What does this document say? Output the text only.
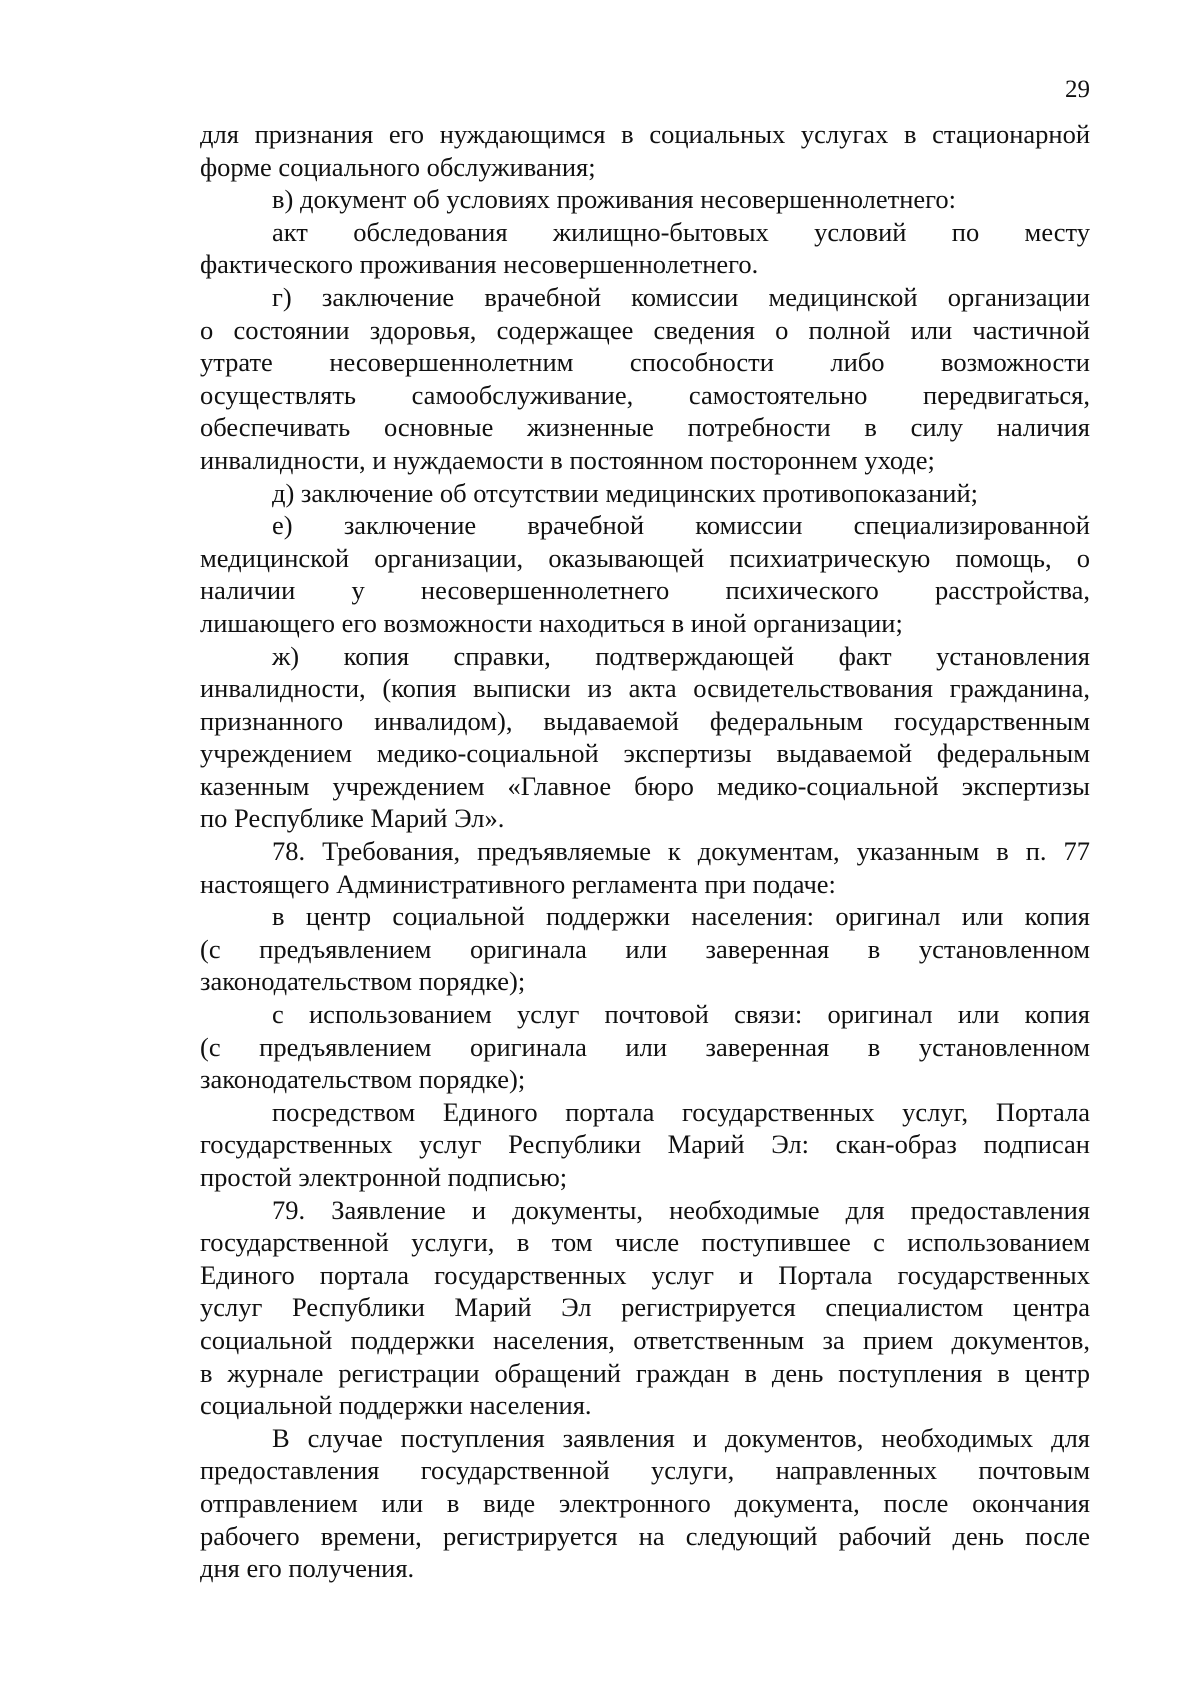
29
для признания его нуждающимся в социальных услугах в стационарной
форме социального обслуживания;
в) документ об условиях проживания несовершеннолетнего:
акт обследования жилищно-бытовых условий по месту
фактического проживания несовершеннолетнего.
г) заключение врачебной комиссии медицинской организации
о состоянии здоровья, содержащее сведения о полной или частичной
утрате несовершеннолетним способности либо возможности
осуществлять самообслуживание, самостоятельно передвигаться,
обеспечивать основные жизненные потребности в силу наличия
инвалидности, и нуждаемости в постоянном постороннем уходе;
д) заключение об отсутствии медицинских противопоказаний;
е) заключение врачебной комиссии специализированной
медицинской организации, оказывающей психиатрическую помощь, о
наличии у несовершеннолетнего психического расстройства,
лишающего его возможности находиться в иной организации;
ж) копия справки, подтверждающей факт установления
инвалидности, (копия выписки из акта освидетельствования гражданина,
признанного инвалидом), выдаваемой федеральным государственным
учреждением медико-социальной экспертизы выдаваемой федеральным
казенным учреждением «Главное бюро медико-социальной экспертизы
по Республике Марий Эл».
78. Требования, предъявляемые к документам, указанным в п. 77
настоящего Административного регламента при подаче:
в центр социальной поддержки населения: оригинал или копия
(с предъявлением оригинала или заверенная в установленном
законодательством порядке);
с использованием услуг почтовой связи: оригинал или копия
(с предъявлением оригинала или заверенная в установленном
законодательством порядке);
посредством Единого портала государственных услуг, Портала
государственных услуг Республики Марий Эл: скан-образ подписан
простой электронной подписью;
79. Заявление и документы, необходимые для предоставления
государственной услуги, в том числе поступившее с использованием
Единого портала государственных услуг и Портала государственных
услуг Республики Марий Эл регистрируется специалистом центра
социальной поддержки населения, ответственным за прием документов,
в журнале регистрации обращений граждан в день поступления в центр
социальной поддержки населения.
В случае поступления заявления и документов, необходимых для
предоставления государственной услуги, направленных почтовым
отправлением или в виде электронного документа, после окончания
рабочего времени, регистрируется на следующий рабочий день после
дня его получения.
